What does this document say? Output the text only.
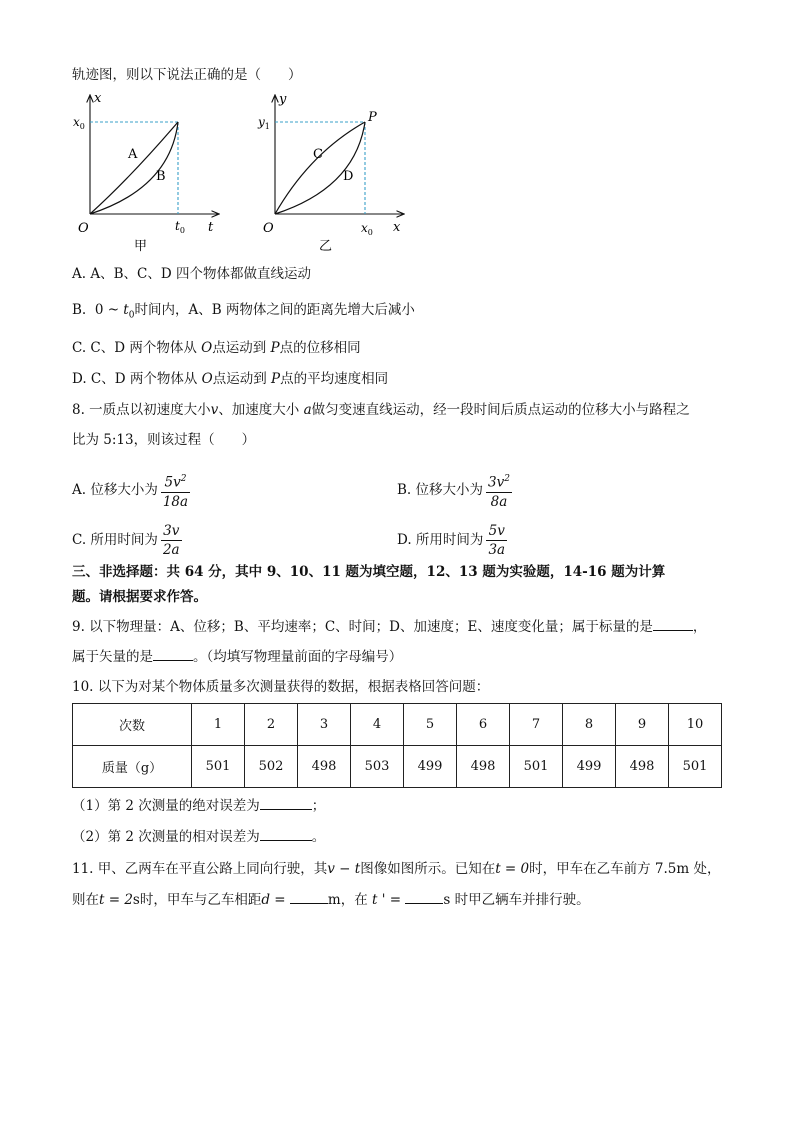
轨迹图，则以下说法正确的是（　　）
x
$x_0$
t
$t_0$
O
A
B
甲
y
$y_1$
x
$x_0$
O
P
C
D
乙
A. A、B、C、D 四个物体都做直线运动
B. 0 ~ $t_0$时间内，A、B 两物体之间的距离先增大后减小
C. C、D 两个物体从 O点运动到 P点的位移相同
D. C、D 两个物体从 O点运动到 P点的平均速度相同
8. 一质点以初速度大小v、加速度大小 a做匀变速直线运动，经一段时间后质点运动的位移大小与路程之
比为 5:13，则该过程（　　）
A. 位移大小为 $\frac{5v^2}{18a}$	B. 位移大小为 $\frac{3v^2}{8a}$
C. 所用时间为 $\frac{3v}{2a}$	D. 所用时间为 $\frac{5v}{3a}$
三、非选择题：共 64 分，其中 9、10、11 题为填空题，12、13 题为实验题，14-16 题为计算
题。请根据要求作答。
9. 以下物理量：A、位移；B、平均速率；C、时间；D、加速度；E、速度变化量；属于标量的是	，
属于矢量的是	。（均填写物理量前面的字母编号）
10. 以下为对某个物体质量多次测量获得的数据，根据表格回答问题：
次数	1	2	3	4	5	6	7	8	9	10
质量（g）	501	502	498	503	499	498	501	499	498	501
（1）第 2 次测量的绝对误差为	；
（2）第 2 次测量的相对误差为	。
11. 甲、乙两车在平直公路上同向行驶，其v − t图像如图所示。已知在t = 0时，甲车在乙车前方 7.5m 处，
则在t = 2s时，甲车与乙车相距d =	m，在 t ' =	s 时甲乙辆车并排行驶。
